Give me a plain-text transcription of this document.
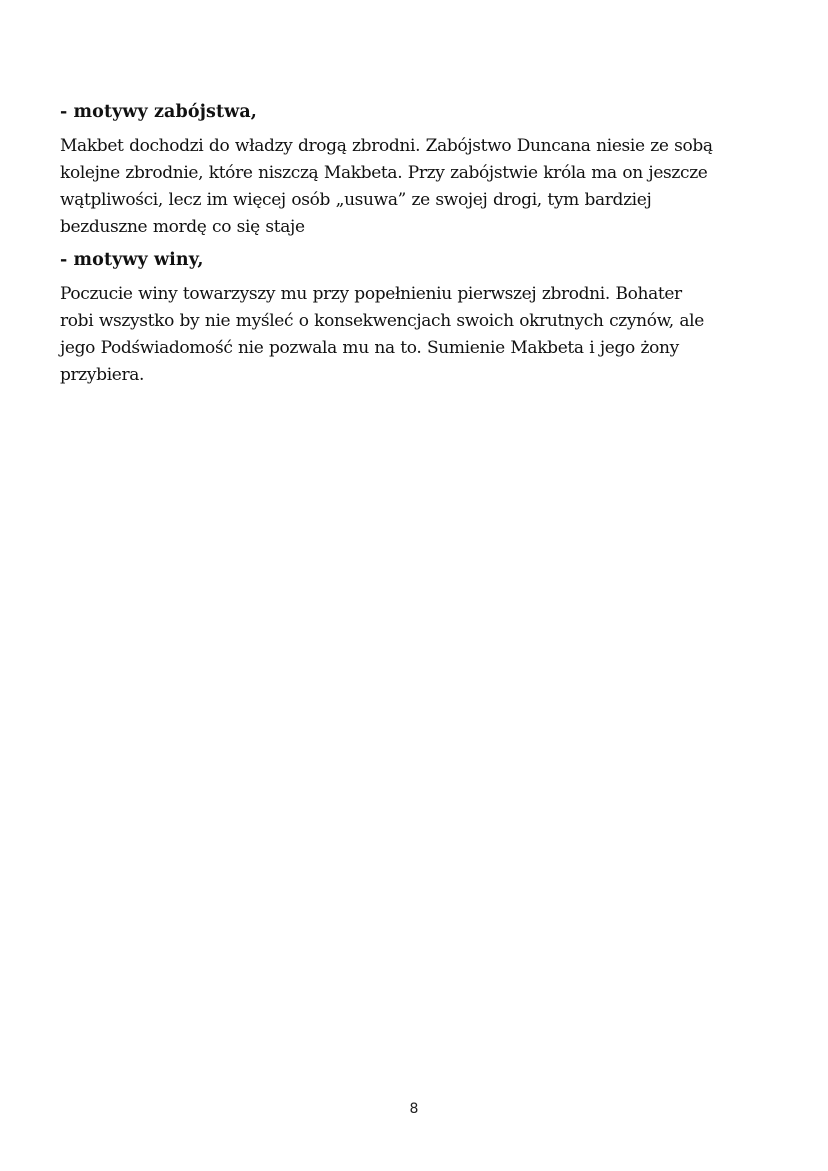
- motywy zabójstwa,

Makbet dochodzi do władzy drogą zbrodni. Zabójstwo Duncana niesie ze sobą
kolejne zbrodnie, które niszczą Makbeta. Przy zabójstwie króla ma on jeszcze
wątpliwości, lecz im więcej osób „usuwa” ze swojej drogi, tym bardziej
bezduszne mordę co się staje

- motywy winy,

Poczucie winy towarzyszy mu przy popełnieniu pierwszej zbrodni. Bohater
robi wszystko by nie myśleć o konsekwencjach swoich okrutnych czynów, ale
jego Podświadomość nie pozwala mu na to. Sumienie Makbeta i jego żony
przybiera.

8
